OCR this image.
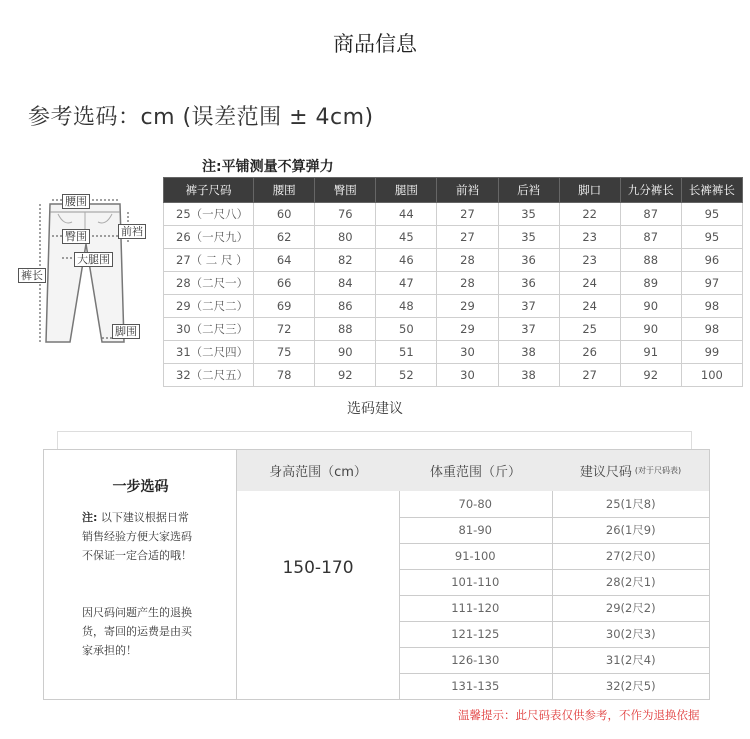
商品信息
参考选码：cm (误差范围 ± 4cm)
注:平铺测量不算弹力
腰围
前裆
臀围
大腿围
裤长
脚围
裤子尺码	腰围	臀围	腿围	前裆	后裆	脚口	九分裤长	长裤裤长
25（一尺八）	60	76	44	27	35	22	87	95
26（一尺九）	62	80	45	27	35	23	87	95
27（ 二 尺 ）	64	82	46	28	36	23	88	96
28（二尺一）	66	84	47	28	36	24	89	97
29（二尺二）	69	86	48	29	37	24	90	98
30（二尺三）	72	88	50	29	37	25	90	98
31（二尺四）	75	90	51	30	38	26	91	99
32（二尺五）	78	92	52	30	38	27	92	100
选码建议
一步选码
注: 以下建议根据日常
销售经验方便大家选码
不保证一定合适的哦！
因尺码问题产生的退换
货，寄回的运费是由买
家承担的！
身高范围（cm）	体重范围（斤）	建议尺码 (对于尺码表)
150-170
70-80	25(1尺8)
81-90	26(1尺9)
91-100	27(2尺0)
101-110	28(2尺1)
111-120	29(2尺2)
121-125	30(2尺3)
126-130	31(2尺4)
131-135	32(2尺5)
温馨提示：此尺码表仅供参考，不作为退换依据
